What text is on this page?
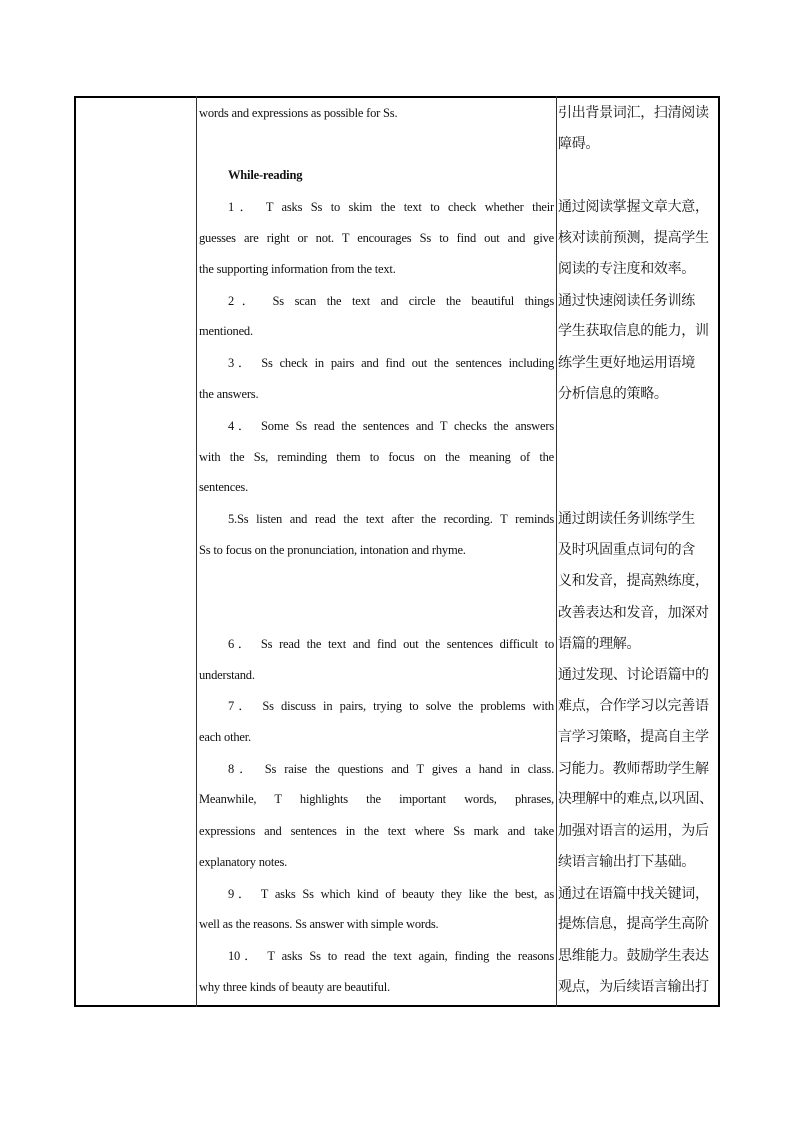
words and expressions as possible for Ss.
While-reading
1． T asks Ss to skim the text to check whether their
guesses are right or not. T encourages Ss to find out and give
the supporting information from the text.
2． Ss scan the text and circle the beautiful things
mentioned.
3． Ss check in pairs and find out the sentences including
the answers.
4． Some Ss read the sentences and T checks the answers
with the Ss, reminding them to focus on the meaning of the
sentences.
5.Ss listen and read the text after the recording. T reminds
Ss to focus on the pronunciation, intonation and rhyme.
6． Ss read the text and find out the sentences difficult to
understand.
7． Ss discuss in pairs, trying to solve the problems with
each other.
8． Ss raise the questions and T gives a hand in class.
Meanwhile, T highlights the important words, phrases,
expressions and sentences in the text where Ss mark and take
explanatory notes.
9． T asks Ss which kind of beauty they like the best, as
well as the reasons. Ss answer with simple words.
10． T asks Ss to read the text again, finding the reasons
why three kinds of beauty are beautiful.
引出背景词汇，扫清阅读
障碍。
通过阅读掌握文章大意，
核对读前预测，提高学生
阅读的专注度和效率。
通过快速阅读任务训练
学生获取信息的能力，训
练学生更好地运用语境
分析信息的策略。
通过朗读任务训练学生
及时巩固重点词句的含
义和发音，提高熟练度，
改善表达和发音，加深对
语篇的理解。
通过发现、讨论语篇中的
难点，合作学习以完善语
言学习策略，提高自主学
习能力。教师帮助学生解
决理解中的难点,以巩固、
加强对语言的运用，为后
续语言输出打下基础。
通过在语篇中找关键词，
提炼信息，提高学生高阶
思维能力。鼓励学生表达
观点，为后续语言输出打
